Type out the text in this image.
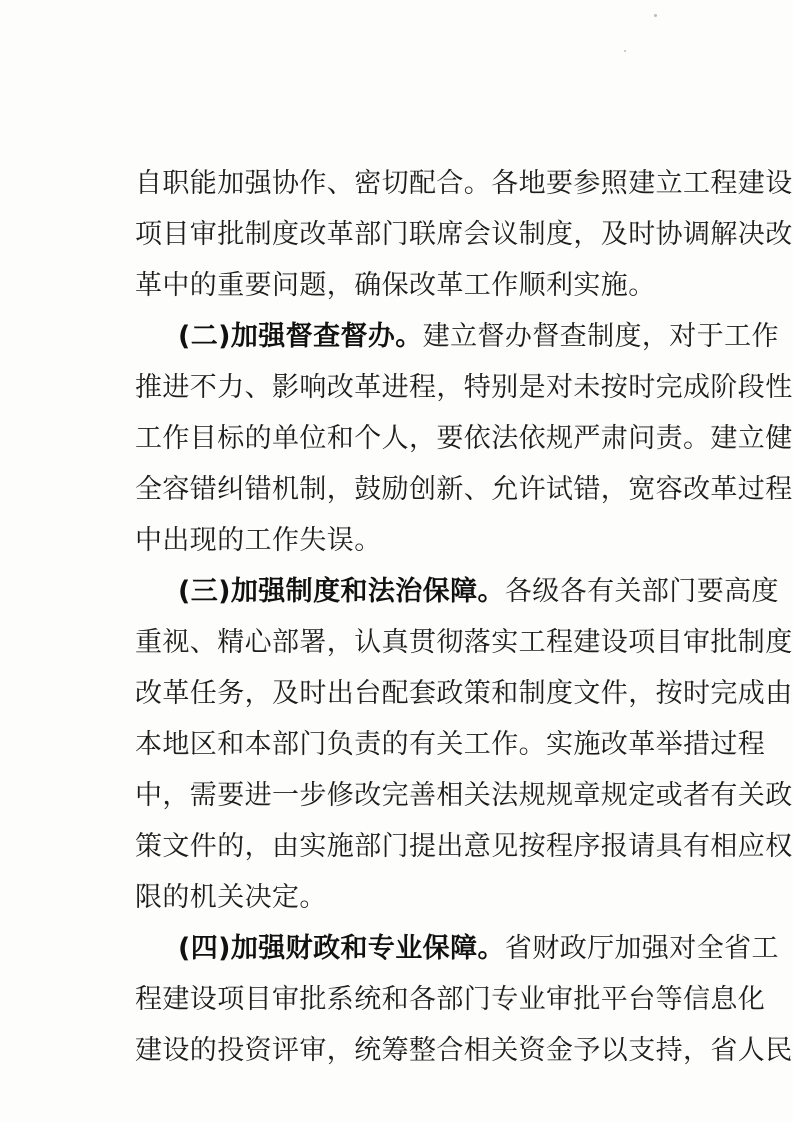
自职能加强协作、密切配合。各地要参照建立工程建设

项目审批制度改革部门联席会议制度，及时协调解决改

革中的重要问题，确保改革工作顺利实施。

(二)加强督查督办。建立督办督查制度，对于工作

推进不力、影响改革进程，特别是对未按时完成阶段性

工作目标的单位和个人，要依法依规严肃问责。建立健

全容错纠错机制，鼓励创新、允许试错，宽容改革过程

中出现的工作失误。

(三)加强制度和法治保障。各级各有关部门要高度

重视、精心部署，认真贯彻落实工程建设项目审批制度

改革任务，及时出台配套政策和制度文件，按时完成由

本地区和本部门负责的有关工作。实施改革举措过程

中，需要进一步修改完善相关法规规章规定或者有关政

策文件的，由实施部门提出意见按程序报请具有相应权

限的机关决定。

(四)加强财政和专业保障。省财政厅加强对全省工

程建设项目审批系统和各部门专业审批平台等信息化

建设的投资评审，统筹整合相关资金予以支持，省人民
